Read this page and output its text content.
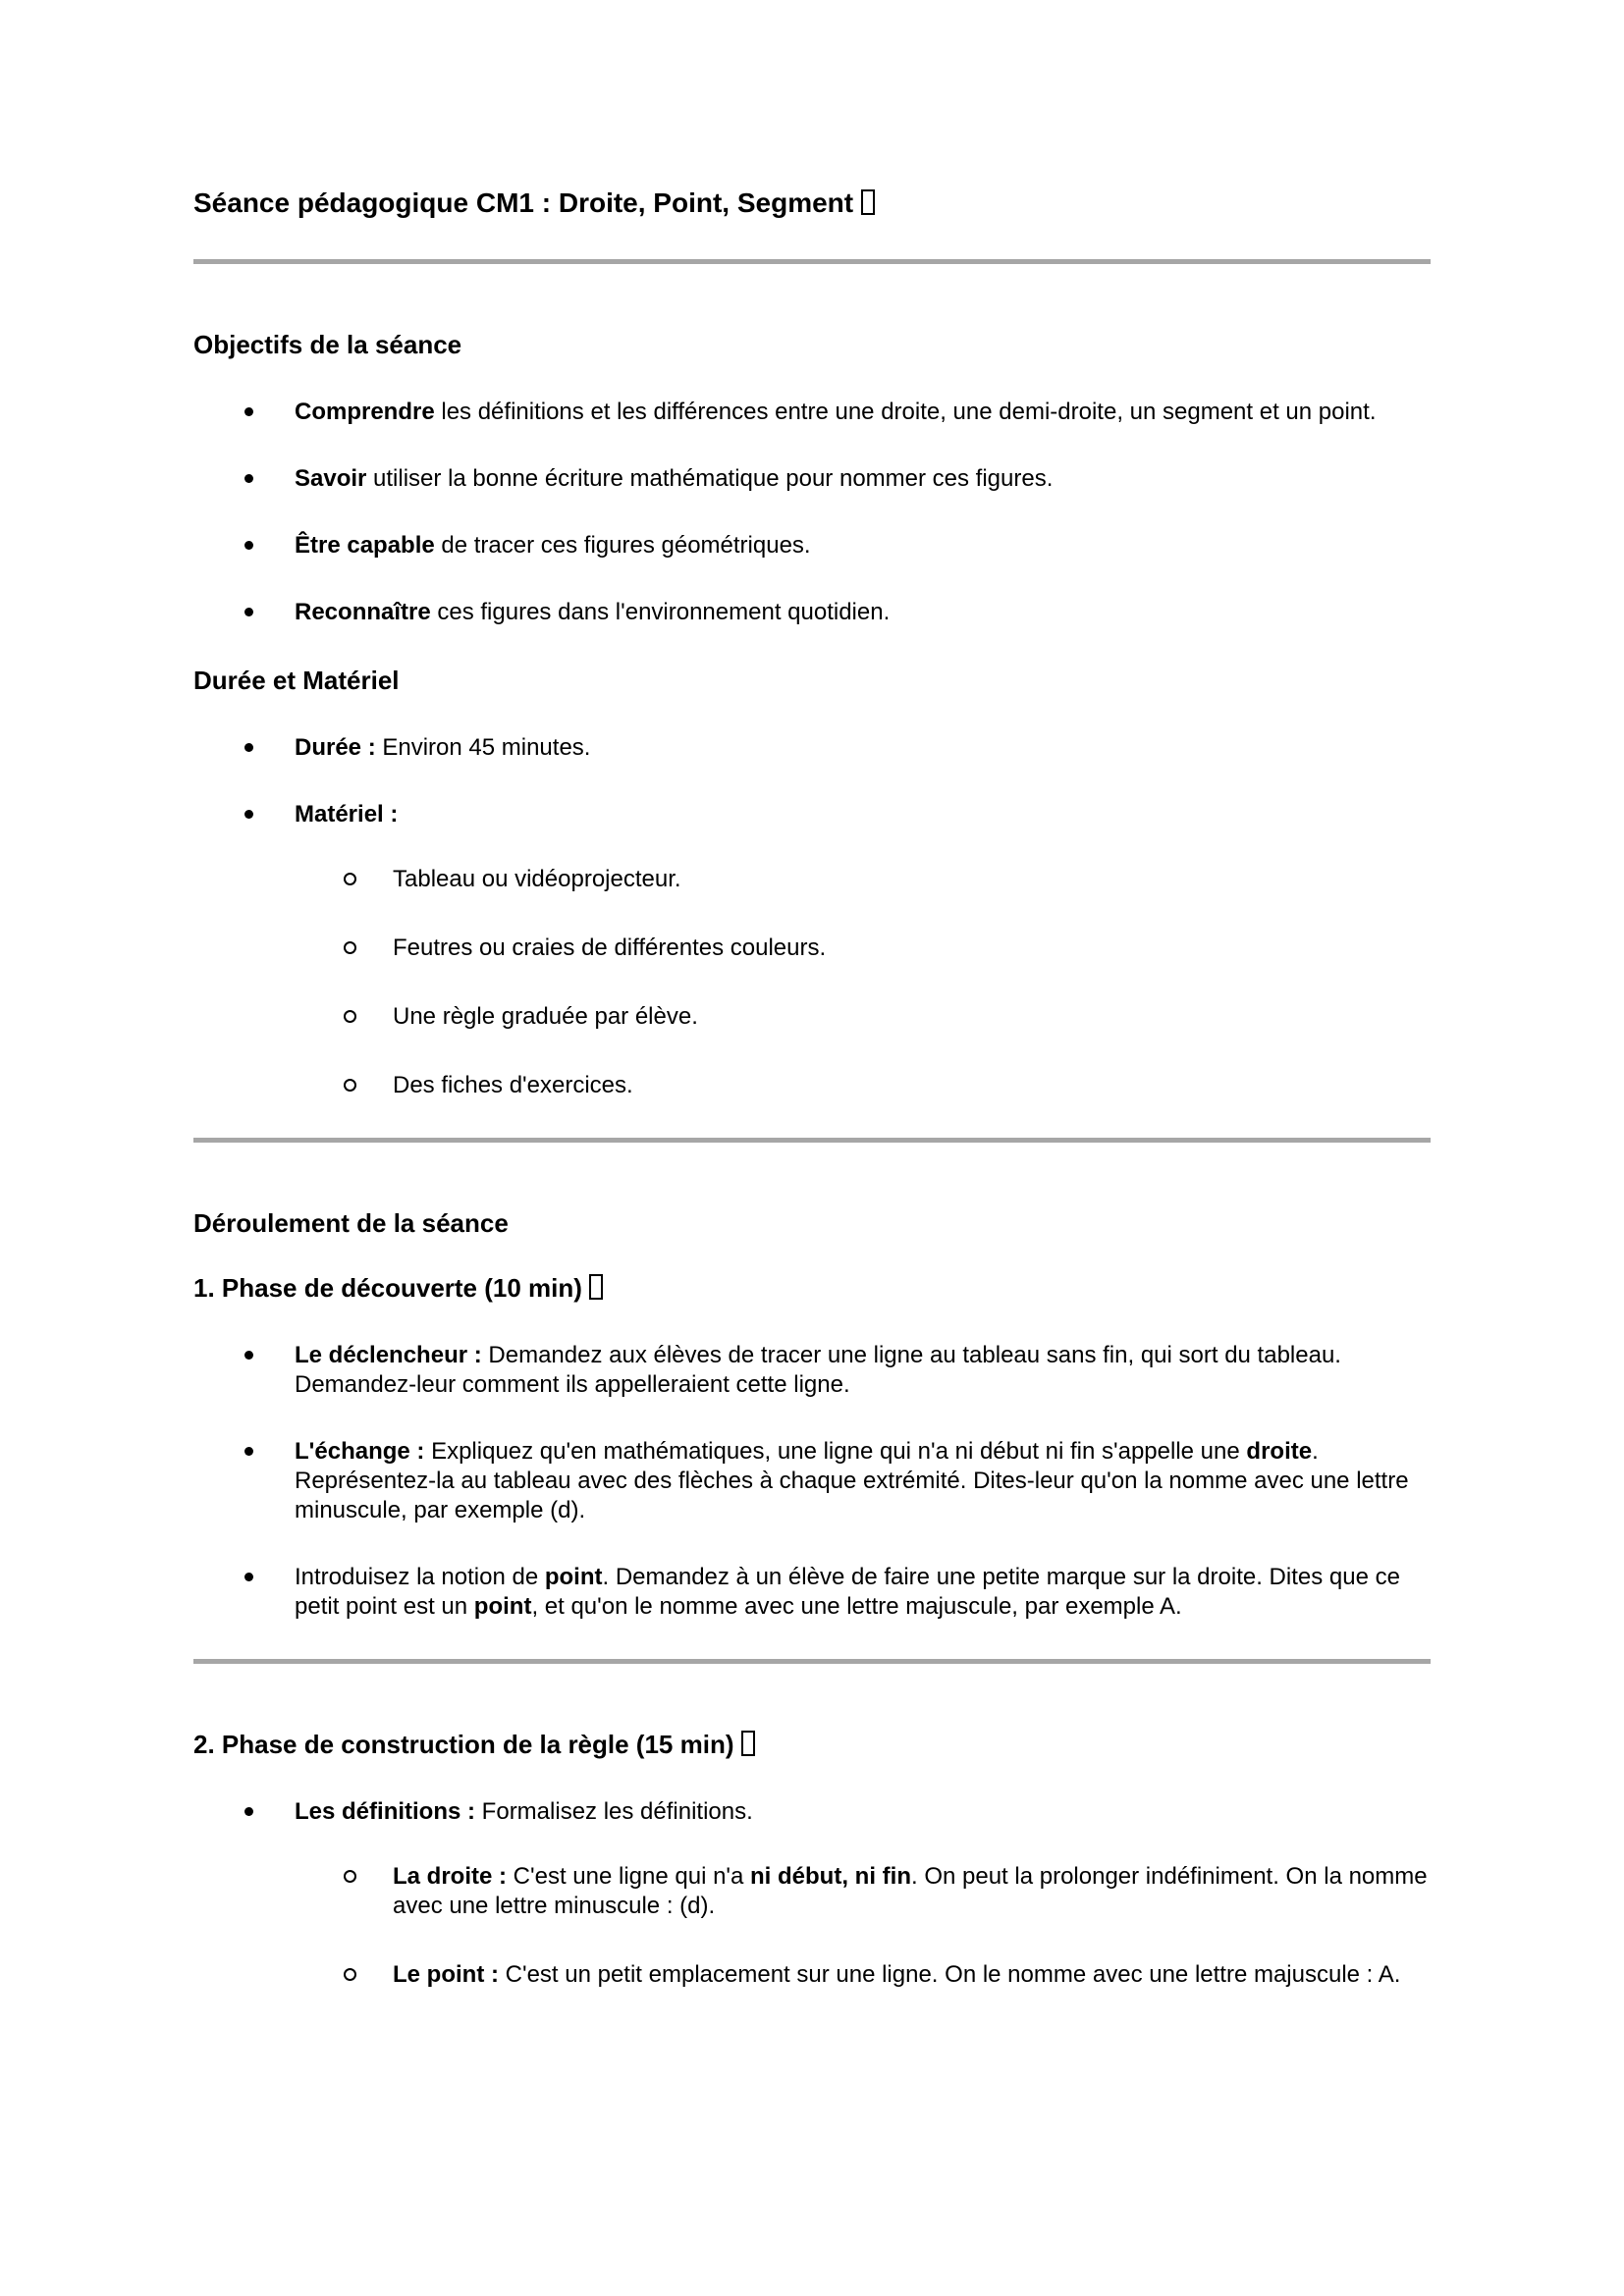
Séance pédagogique CM1 : Droite, Point, Segment
Objectifs de la séance
Comprendre les définitions et les différences entre une droite, une demi-droite, un segment et un point.
Savoir utiliser la bonne écriture mathématique pour nommer ces figures.
Être capable de tracer ces figures géométriques.
Reconnaître ces figures dans l'environnement quotidien.
Durée et Matériel
Durée : Environ 45 minutes.
Matériel :
Tableau ou vidéoprojecteur.
Feutres ou craies de différentes couleurs.
Une règle graduée par élève.
Des fiches d'exercices.
Déroulement de la séance
1. Phase de découverte (10 min)
Le déclencheur : Demandez aux élèves de tracer une ligne au tableau sans fin, qui sort du tableau. Demandez-leur comment ils appelleraient cette ligne.
L'échange : Expliquez qu'en mathématiques, une ligne qui n'a ni début ni fin s'appelle une droite. Représentez-la au tableau avec des flèches à chaque extrémité. Dites-leur qu'on la nomme avec une lettre minuscule, par exemple (d).
Introduisez la notion de point. Demandez à un élève de faire une petite marque sur la droite. Dites que ce petit point est un point, et qu'on le nomme avec une lettre majuscule, par exemple A.
2. Phase de construction de la règle (15 min)
Les définitions : Formalisez les définitions.
La droite : C'est une ligne qui n'a ni début, ni fin. On peut la prolonger indéfiniment. On la nomme avec une lettre minuscule : (d).
Le point : C'est un petit emplacement sur une ligne. On le nomme avec une lettre majuscule : A.
